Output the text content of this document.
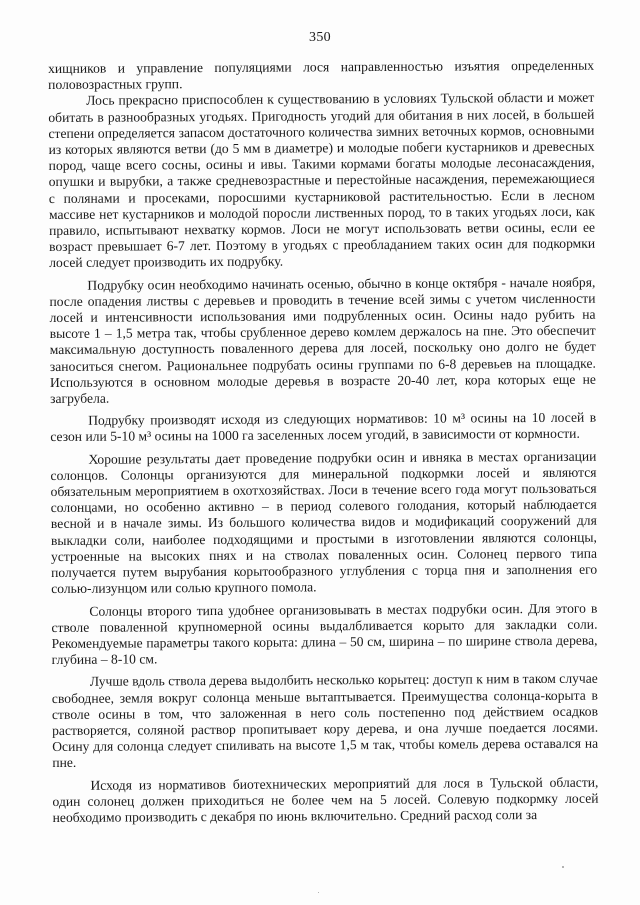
350

хищников и управление популяциями лося направленностью изъятия определенных половозрастных групп.

Лось прекрасно приспособлен к существованию в условиях Тульской области и может обитать в разнообразных угодьях. Пригодность угодий для обитания в них лосей, в большей степени определяется запасом достаточного количества зимних веточных кормов, основными из которых являются ветви (до 5 мм в диаметре) и молодые побеги кустарников и древесных пород, чаще всего сосны, осины и ивы. Такими кормами богаты молодые лесонасаждения, опушки и вырубки, а также средневозрастные и перестойные насаждения, перемежающиеся с полянами и просеками, поросшими кустарниковой растительностью. Если в лесном массиве нет кустарников и молодой поросли лиственных пород, то в таких угодьях лоси, как правило, испытывают нехватку кормов. Лоси не могут использовать ветви осины, если ее возраст превышает 6-7 лет. Поэтому в угодьях с преобладанием таких осин для подкормки лосей следует производить их подрубку.

Подрубку осин необходимо начинать осенью, обычно в конце октября - начале ноября, после опадения листвы с деревьев и проводить в течение всей зимы с учетом численности лосей и интенсивности использования ими подрубленных осин. Осины надо рубить на высоте 1 – 1,5 метра так, чтобы срубленное дерево комлем держалось на пне. Это обеспечит максимальную доступность поваленного дерева для лосей, поскольку оно долго не будет заноситься снегом. Рациональнее подрубать осины группами по 6-8 деревьев на площадке. Используются в основном молодые деревья в возрасте 20-40 лет, кора которых еще не загрубела.

Подрубку производят исходя из следующих нормативов: 10 м³ осины на 10 лосей в сезон или 5-10 м³ осины на 1000 га заселенных лосем угодий, в зависимости от кормности.

Хорошие результаты дает проведение подрубки осин и ивняка в местах организации солонцов. Солонцы организуются для минеральной подкормки лосей и являются обязательным мероприятием в охотхозяйствах. Лоси в течение всего года могут пользоваться солонцами, но особенно активно – в период солевого голодания, который наблюдается весной и в начале зимы. Из большого количества видов и модификаций сооружений для выкладки соли, наиболее подходящими и простыми в изготовлении являются солонцы, устроенные на высоких пнях и на стволах поваленных осин. Солонец первого типа получается путем вырубания корытообразного углубления с торца пня и заполнения его солью-лизунцом или солью крупного помола.

Солонцы второго типа удобнее организовывать в местах подрубки осин. Для этого в стволе поваленной крупномерной осины выдалбливается корыто для закладки соли. Рекомендуемые параметры такого корыта: длина – 50 см, ширина – по ширине ствола дерева, глубина – 8-10 см.

Лучше вдоль ствола дерева выдолбить несколько корытец: доступ к ним в таком случае свободнее, земля вокруг солонца меньше вытаптывается. Преимущества солонца-корыта в стволе осины в том, что заложенная в него соль постепенно под действием осадков растворяется, соляной раствор пропитывает кору дерева, и она лучше поедается лосями. Осину для солонца следует спиливать на высоте 1,5 м так, чтобы комель дерева оставался на пне.

Исходя из нормативов биотехнических мероприятий для лося в Тульской области, один солонец должен приходиться не более чем на 5 лосей. Солевую подкормку лосей необходимо производить с декабря по июнь включительно. Средний расход соли за
